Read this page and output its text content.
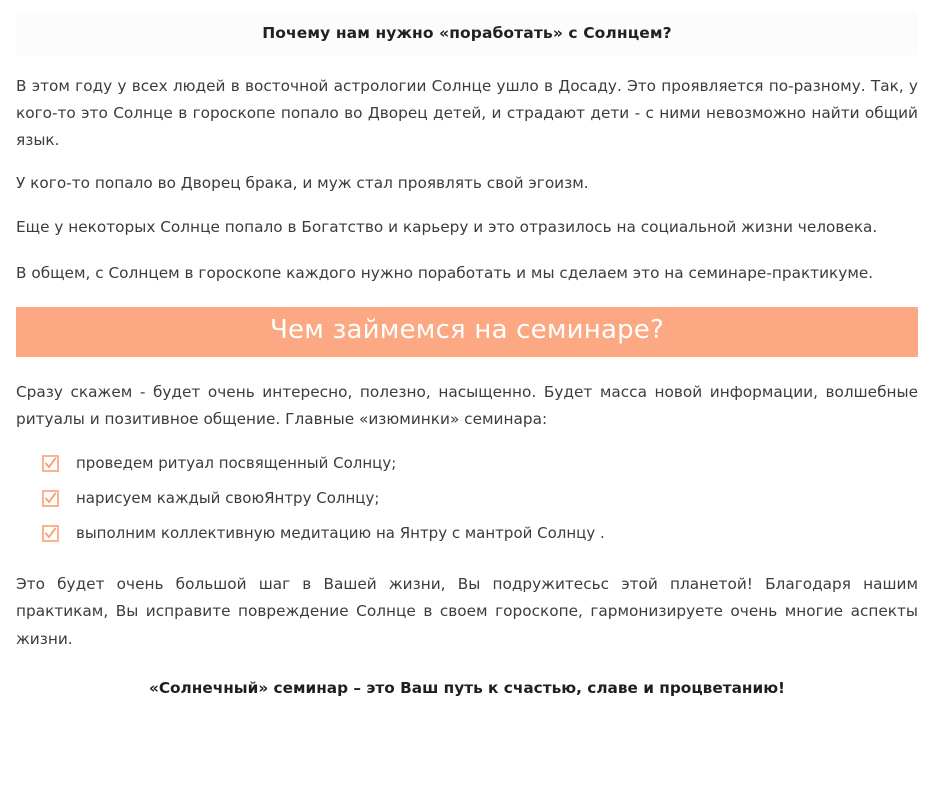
Почему нам нужно «поработать» с Солнцем?

В этом году у всех людей в восточной астрологии Солнце ушло в Досаду. Это проявляется по-разному. Так, у кого-то это Солнце в гороскопе попало во Дворец детей, и страдают дети - с ними невозможно найти общий язык.

У кого-то попало во Дворец брака, и муж стал проявлять свой эгоизм.

Еще у некоторых Солнце попало в Богатство и карьеру и это отразилось на социальной жизни человека.

В общем, с Солнцем в гороскопе каждого нужно поработать и мы сделаем это на семинаре-практикуме.

Чем займемся на семинаре?

Сразу скажем - будет очень интересно, полезно, насыщенно. Будет масса новой информации, волшебные ритуалы и позитивное общение. Главные «изюминки» семинара:

проведем ритуал посвященный Солнцу;
нарисуем каждый своюЯнтру Солнцу;
выполним коллективную медитацию на Янтру с мантрой Солнцу .

Это будет очень большой шаг в Вашей жизни, Вы подружитесьс этой планетой! Благодаря нашим практикам, Вы исправите повреждение Солнце в своем гороскопе, гармонизируете очень многие аспекты жизни.

«Солнечный» семинар – это Ваш путь к счастью, славе и процветанию!
